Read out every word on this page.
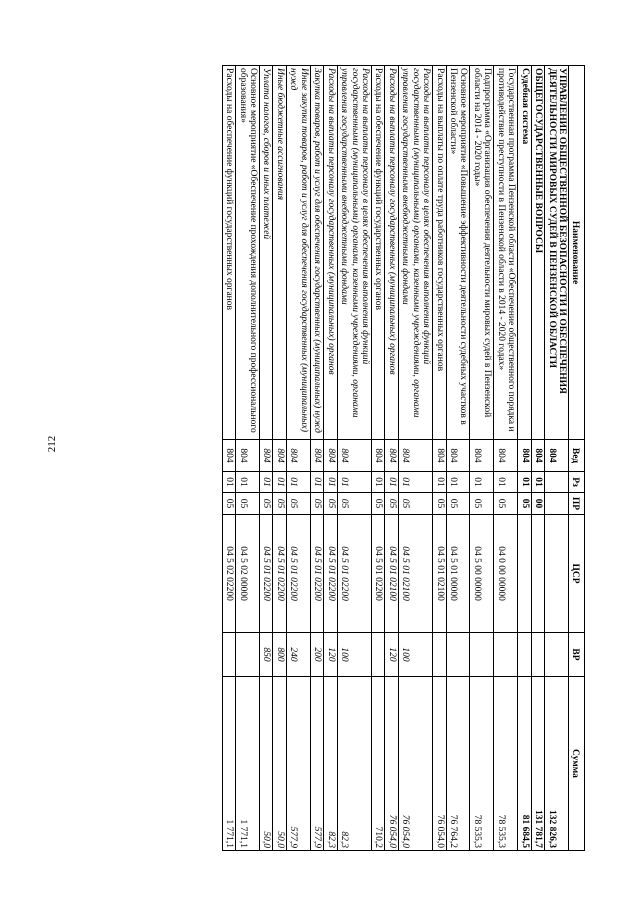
212
Наименование	Вед	Рз	ПР	ЦСР	ВР	Сумма
УПРАВЛЕНИЕ ОБЩЕСТВЕННОЙ БЕЗОПАСНОСТИ И ОБЕСПЕЧЕНИЯ ДЕЯТЕЛЬНОСТИ МИРОВЫХ СУДЕЙ В ПЕНЗЕНСКОЙ ОБЛАСТИ	804					132 826,3
ОБЩЕГОСУДАРСТВЕННЫЕ ВОПРОСЫ	804	01	00			131 781,7
Судебная система	804	01	05			81 684,5
Государственная программа Пензенской области «Обеспечение общественного порядка и противодействие преступности в Пензенской области в 2014 - 2020 годах»	804	01	05	04 0 00 00000		78 535,3
Подпрограмма «Организация обеспечения деятельности мировых судей в Пензенской области на 2014 - 2020 годы»	804	01	05	04 5 00 00000		78 535,3
Основное мероприятие «Повышение эффективности деятельности судебных участков в Пензенской области»	804	01	05	04 5 01 00000		76 764,2
Расходы на выплаты по оплате труда работников государственных органов	804	01	05	04 5 01 02100		76 054,0
Расходы на выплаты персоналу в целях обеспечения выполнения функций государственными (муниципальными) органами, казенными учреждениями, органами управления государственными внебюджетными фондами	804	01	05	04 5 01 02100	100	76 054,0
Расходы на выплаты персоналу государственных (муниципальных) органов	804	01	05	04 5 01 02100	120	76 054,0
Расходы на обеспечение функций государственных органов	804	01	05	04 5 01 02200		710,2
Расходы на выплаты персоналу в целях обеспечения выполнения функций государственными (муниципальными) органами, казенными учреждениями, органами управления государственными внебюджетными фондами	804	01	05	04 5 01 02200	100	82,3
Расходы на выплаты персоналу государственных (муниципальных) органов	804	01	05	04 5 01 02200	120	82,3
Закупка товаров, работ и услуг для обеспечения государственных (муниципальных) нужд	804	01	05	04 5 01 02200	200	577,9
Иные закупки товаров, работ и услуг для обеспечения государственных (муниципальных) нужд	804	01	05	04 5 01 02200	240	577,9
Иные бюджетные ассигнования	804	01	05	04 5 01 02200	800	50,0
Уплата налогов, сборов и иных платежей	804	01	05	04 5 01 02200	850	50,0
Основное мероприятие «Обеспечение прохождения дополнительного профессионального образования»	804	01	05	04 5 02 00000		1 771,1
Расходы на обеспечение функций государственных органов	804	01	05	04 5 02 02200		1 771,1
